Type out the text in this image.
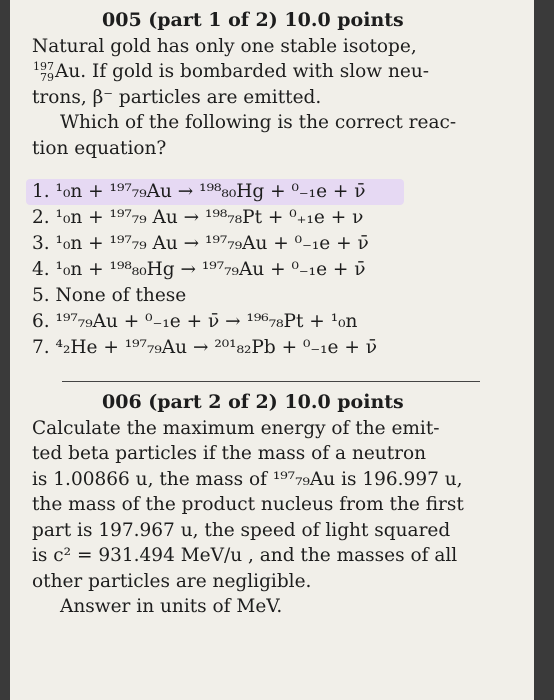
005 (part 1 of 2) 10.0 points

Natural gold has only one stable isotope,

197
79 Au. If gold is bombarded with slow neu-
trons, β⁻ particles are emitted.
Which of the following is the correct reac-
tion equation?

1. ¹₀n + ¹⁹⁷₇₉Au → ¹⁹⁸₈₀Hg + ⁰₋₁e + ν̄
2. ¹₀n + ¹⁹⁷₇₉ Au → ¹⁹⁸₇₈Pt + ⁰₊₁e + ν
3. ¹₀n + ¹⁹⁷₇₉ Au → ¹⁹⁷₇₉Au + ⁰₋₁e + ν̄
4. ¹₀n + ¹⁹⁸₈₀Hg → ¹⁹⁷₇₉Au + ⁰₋₁e + ν̄
5. None of these
6. ¹⁹⁷₇₉Au + ⁰₋₁e + ν̄ → ¹⁹⁶₇₈Pt + ¹₀n
7. ⁴₂He + ¹⁹⁷₇₉Au → ²⁰¹₈₂Pb + ⁰₋₁e + ν̄
006 (part 2 of 2) 10.0 points

Calculate the maximum energy of the emit-
ted beta particles if the mass of a neutron
is 1.00866 u, the mass of ¹⁹⁷₇₉Au is 196.997 u,
the mass of the product nucleus from the first
part is 197.967 u, the speed of light squared
is c² = 931.494 MeV/u , and the masses of all
other particles are negligible.
Answer in units of MeV.
